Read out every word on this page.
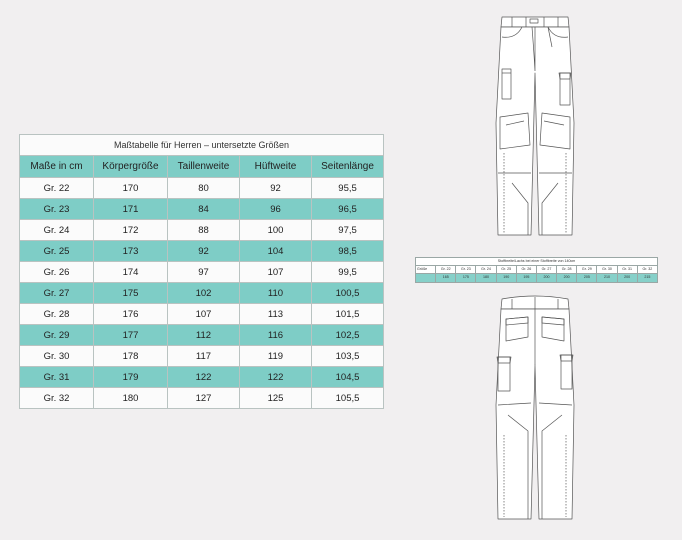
Maßtabelle für Herren – untersetzte Größen				
Maße in cm	Körpergröße	Taillenweite	Hüftweite	Seitenlänge
Gr. 22	170	80	92	95,5
Gr. 23	171	84	96	96,5
Gr. 24	172	88	100	97,5
Gr. 25	173	92	104	98,5
Gr. 26	174	97	107	99,5
Gr. 27	175	102	110	100,5
Gr. 28	176	107	113	101,5
Gr. 29	177	112	116	102,5
Gr. 30	178	117	119	103,5
Gr. 31	179	122	122	104,5
Gr. 32	180	127	125	105,5
Stoffbreite/Lachs bei einer Stoffbreite von 140cm											
Größe	Gr. 22	Gr. 23	Gr. 24	Gr. 25	Gr. 26	Gr. 27	Gr. 28	Gr. 29	Gr. 30	Gr. 31	Gr. 32
	165	175	180	190	195	200	200	205	210	200	215
